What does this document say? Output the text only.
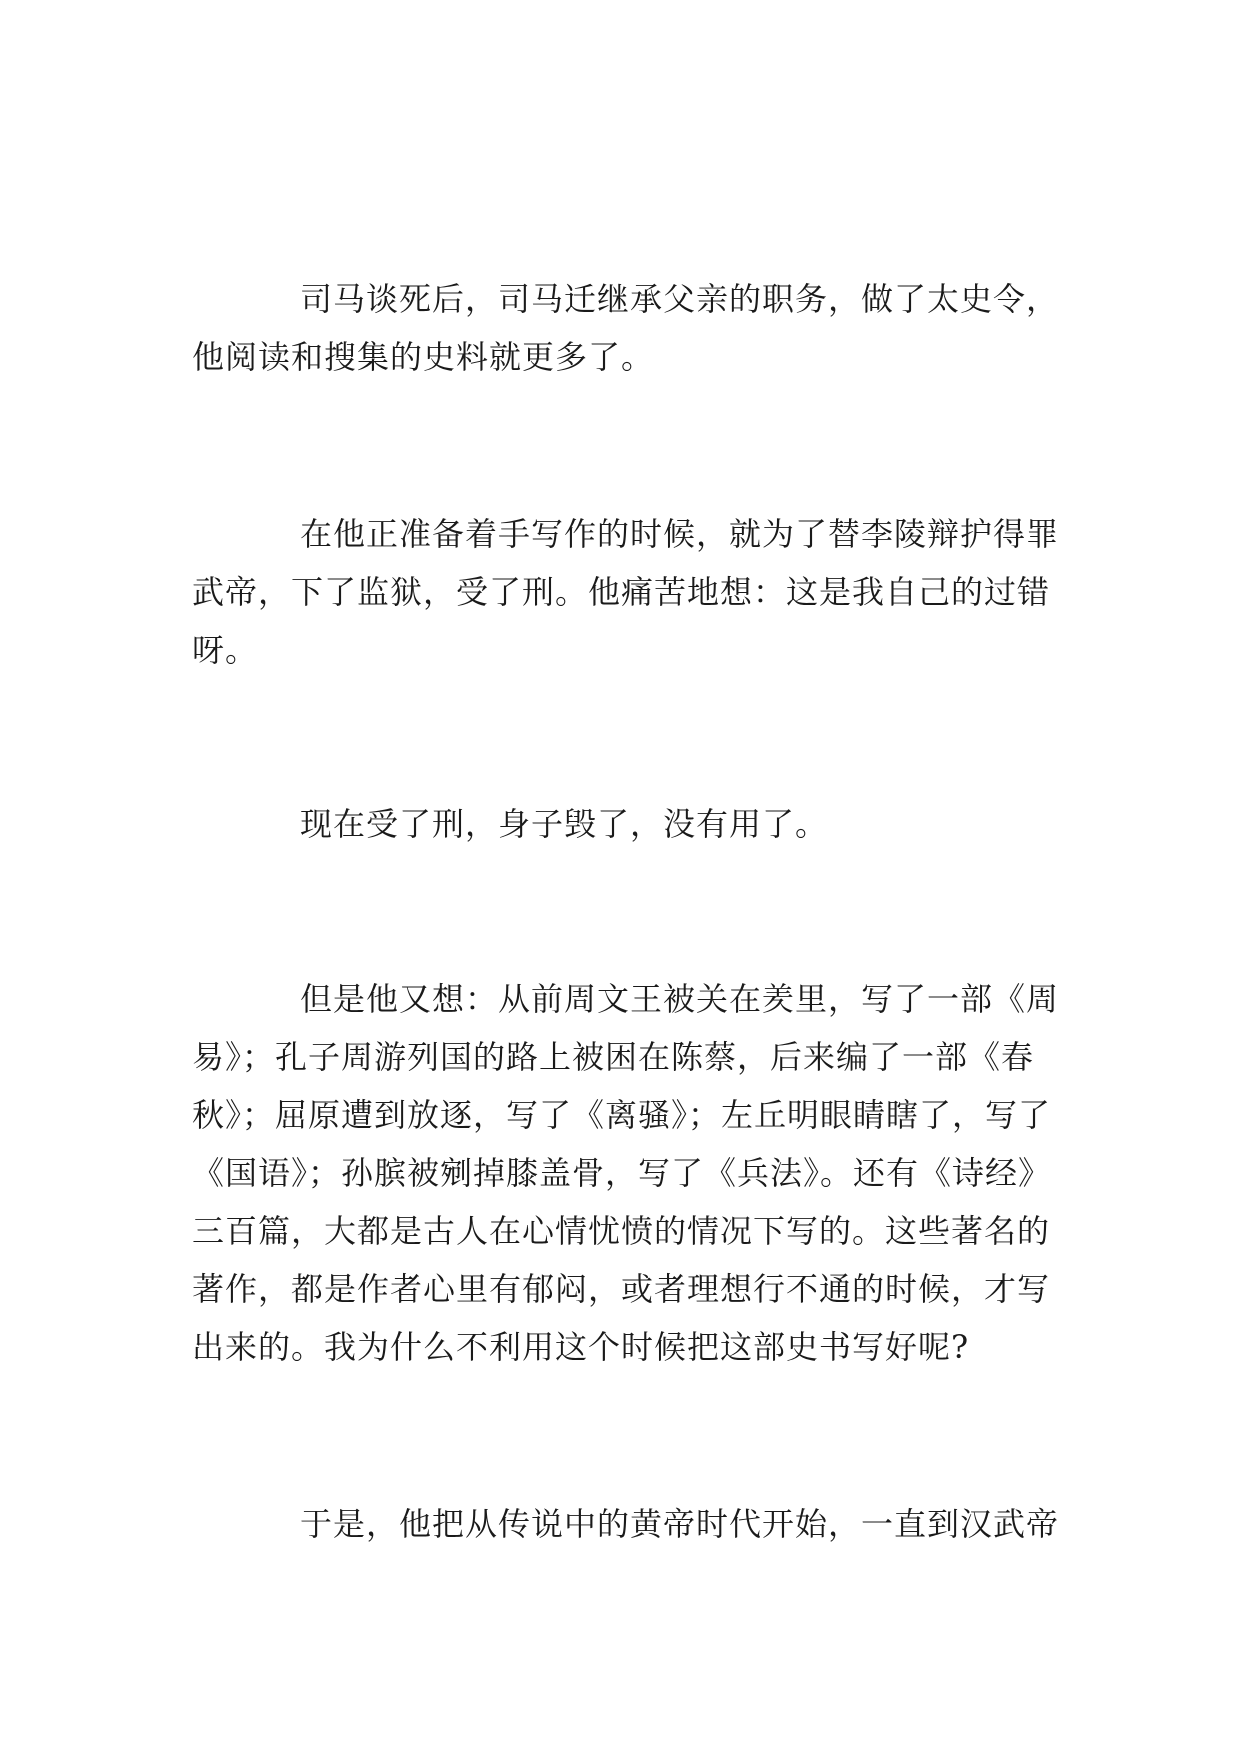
司马谈死后，司马迁继承父亲的职务，做了太史令，他阅读和搜集的史料就更多了。

在他正准备着手写作的时候，就为了替李陵辩护得罪武帝，下了监狱，受了刑。他痛苦地想：这是我自己的过错呀。

现在受了刑，身子毁了，没有用了。

但是他又想：从前周文王被关在羑里，写了一部《周易》；孔子周游列国的路上被困在陈蔡，后来编了一部《春秋》；屈原遭到放逐，写了《离骚》；左丘明眼睛瞎了，写了《国语》；孙膑被剜掉膝盖骨，写了《兵法》。还有《诗经》三百篇，大都是古人在心情忧愤的情况下写的。这些著名的著作，都是作者心里有郁闷，或者理想行不通的时候，才写出来的。我为什么不利用这个时候把这部史书写好呢?

于是，他把从传说中的黄帝时代开始，一直到汉武帝
